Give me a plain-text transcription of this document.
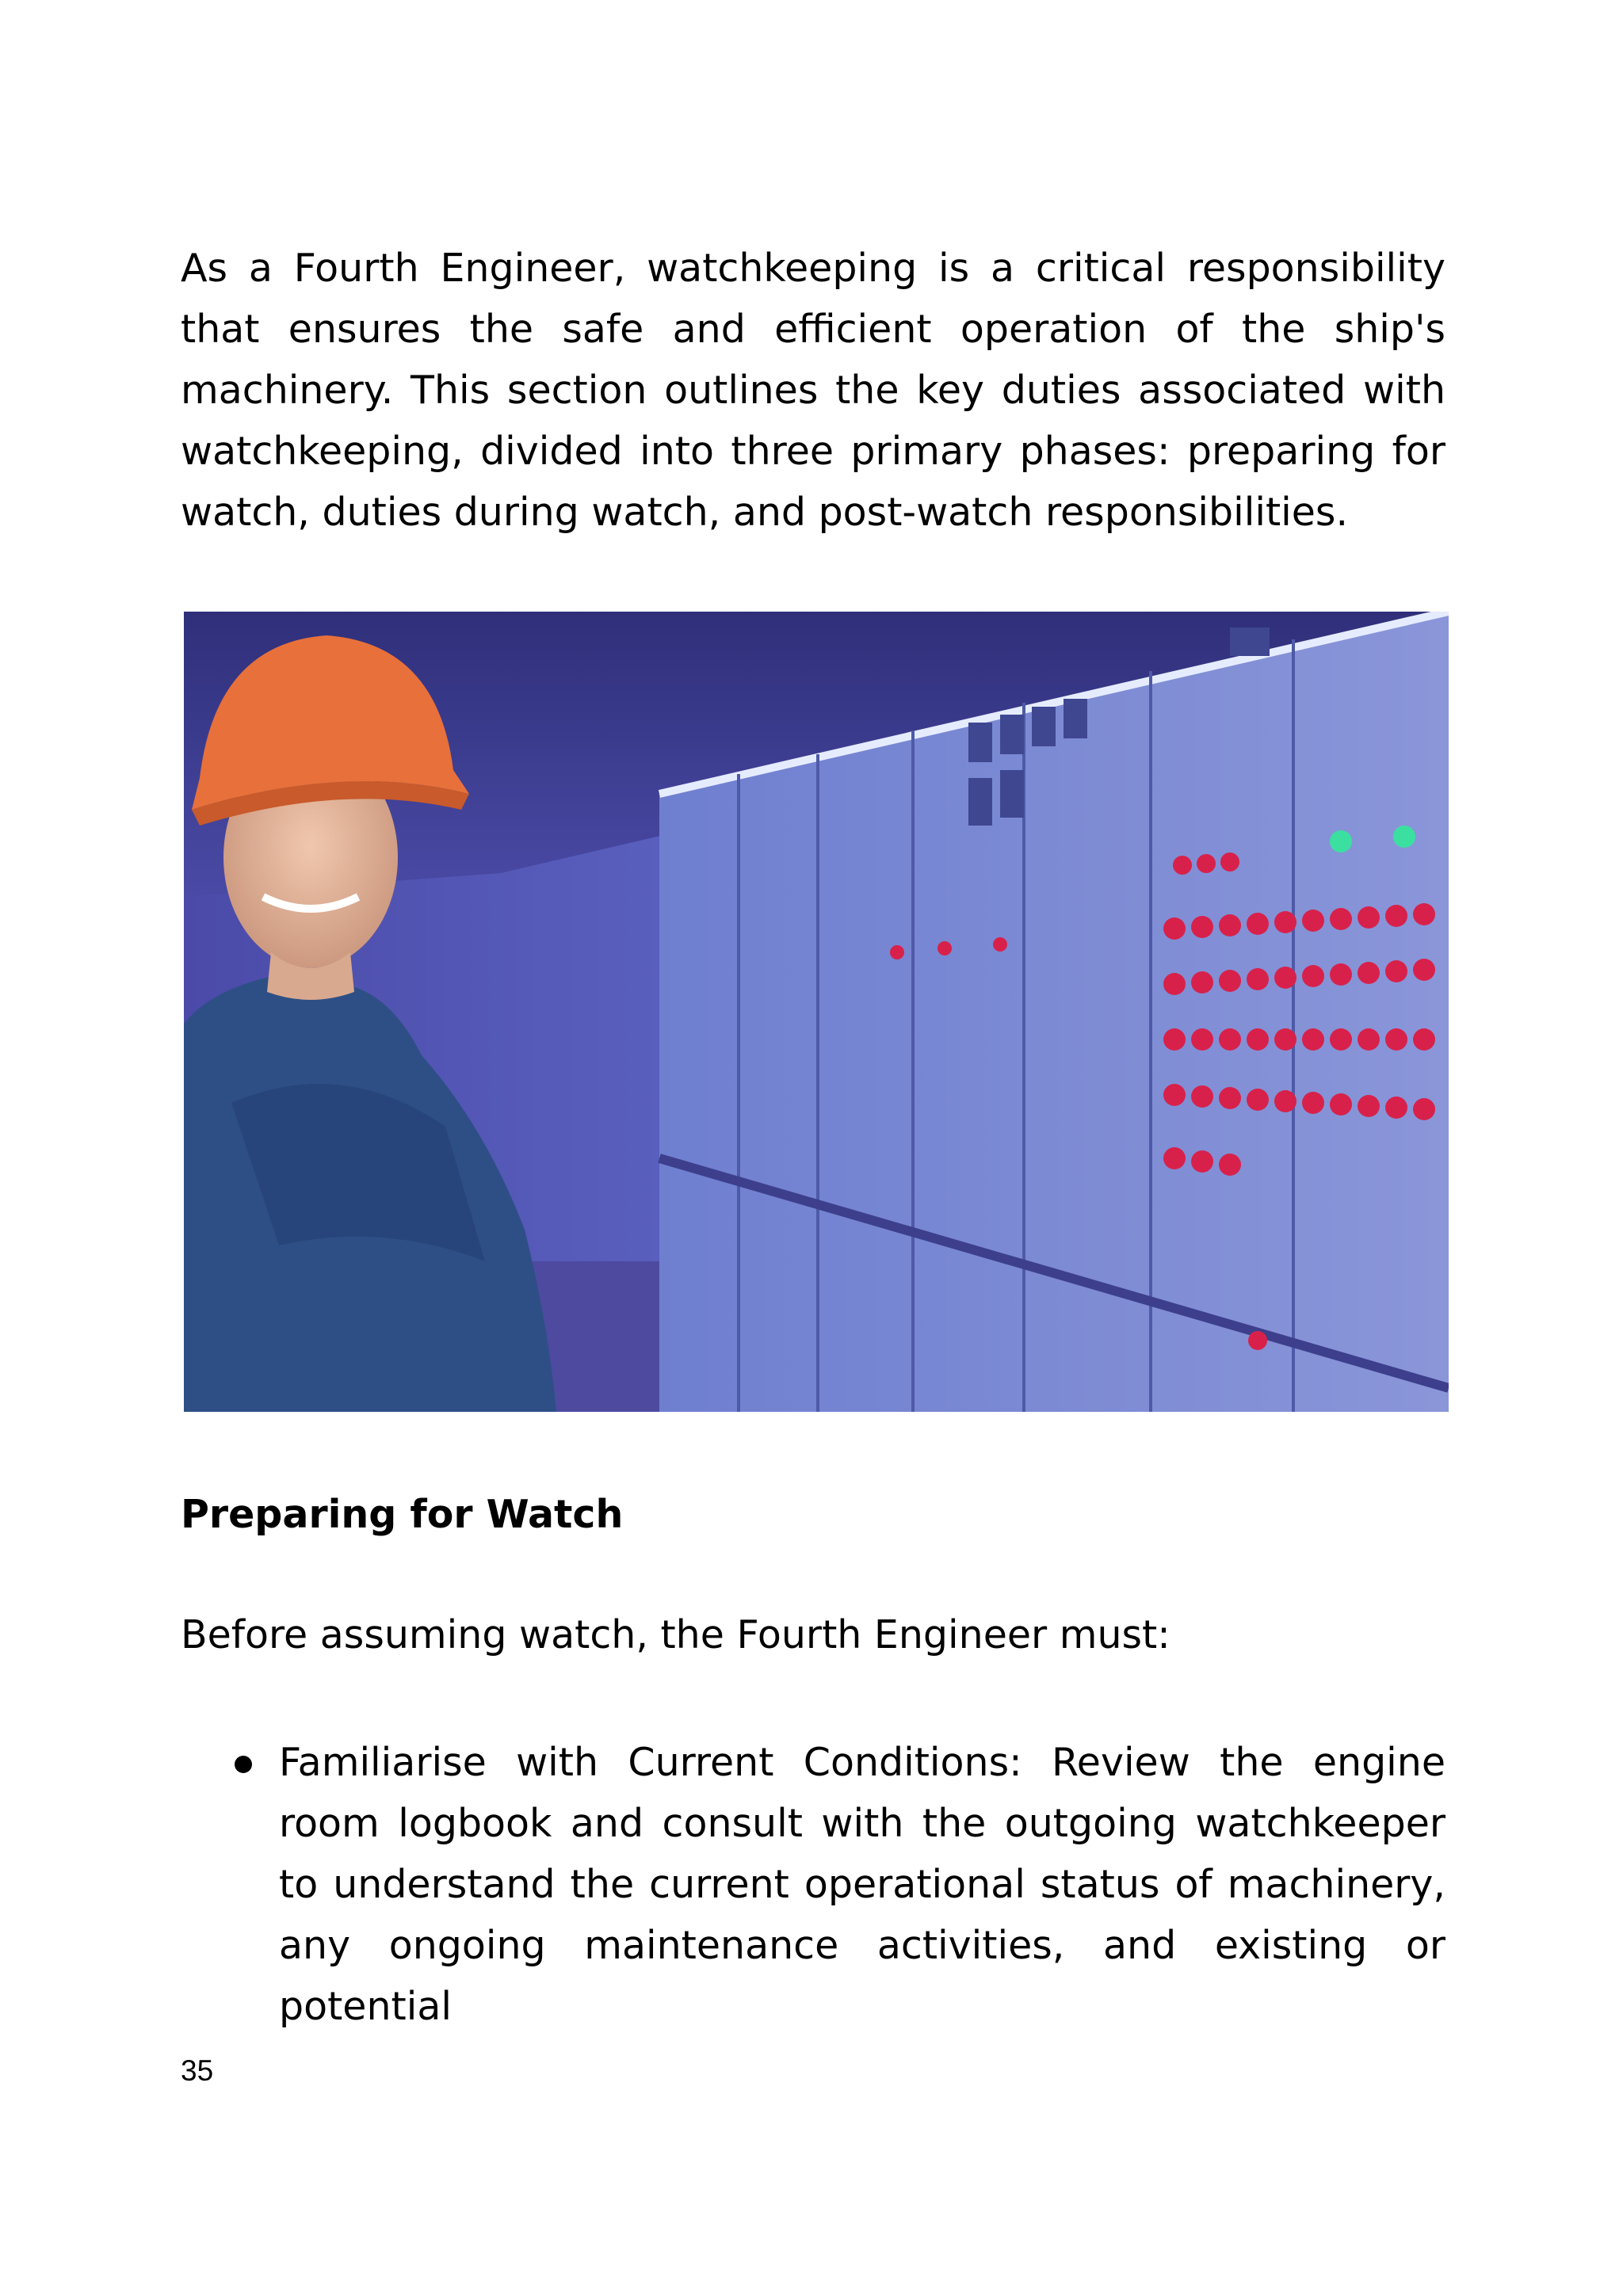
As a Fourth Engineer, watchkeeping is a critical responsibility that ensures the safe and efficient operation of the ship's machinery. This section outlines the key duties associated with watchkeeping, divided into three primary phases: preparing for watch, duties during watch, and post-watch responsibilities.

Preparing for Watch

Before assuming watch, the Fourth Engineer must:

Familiarise with Current Conditions: Review the engine room logbook and consult with the outgoing watchkeeper to understand the current operational status of machinery, any ongoing maintenance activities, and existing or potential

35
